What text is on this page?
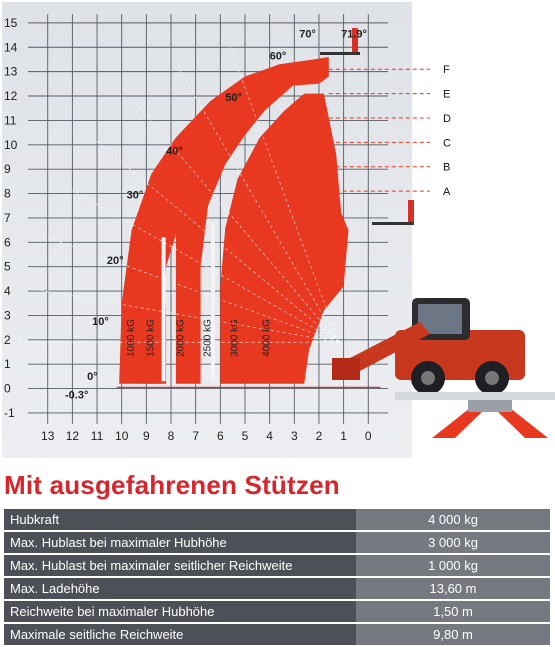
15
14
13
12
11
10
9
8
7
6
5
4
3
2
1
0
-1
13 12 11 10 9 8 7 6 5 4 3 2 1 0
70° 71.9°
60°
50°
40°
30°
20°
10°
0°
-0.3°
1000 kG 1500 kG 2000 kG 2500 kG 3000 kG 4000 kG
F
E
D
C
B
A
Mit ausgefahrenen Stützen
Hubkraft	4 000 kg
Max. Hublast bei maximaler Hubhöhe	3 000 kg
Max. Hublast bei maximaler seitlicher Reichweite	1 000 kg
Max. Ladehöhe	13,60 m
Reichweite bei maximaler Hubhöhe	1,50 m
Maximale seitliche Reichweite	9,80 m
